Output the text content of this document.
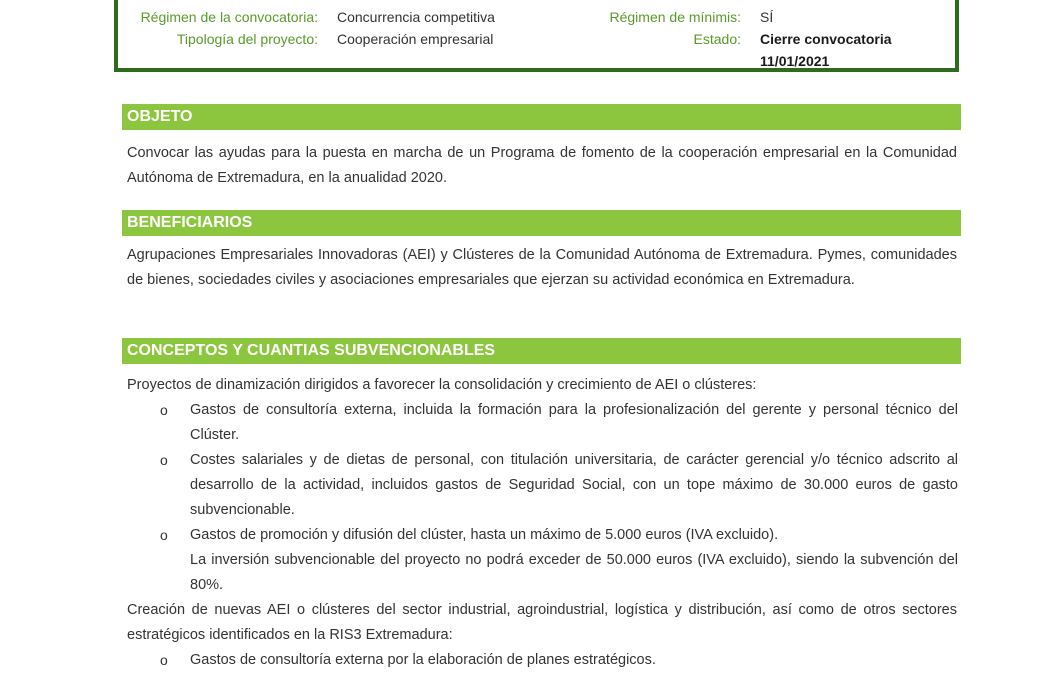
Régimen de la convocatoria: Concurrencia competitiva
Tipología del proyecto: Cooperación empresarial
Régimen de mínimis: SÍ
Estado: Cierre convocatoria
11/01/2021
OBJETO

Convocar las ayudas para la puesta en marcha de un Programa de fomento de la cooperación empresarial en la Comunidad Autónoma de Extremadura, en la anualidad 2020.

BENEFICIARIOS

Agrupaciones Empresariales Innovadoras (AEI) y Clústeres de la Comunidad Autónoma de Extremadura. Pymes, comunidades de bienes, sociedades civiles y asociaciones empresariales que ejerzan su actividad económica en Extremadura.

CONCEPTOS Y CUANTIAS SUBVENCIONABLES

Proyectos de dinamización dirigidos a favorecer la consolidación y crecimiento de AEI o clústeres:

o Gastos de consultoría externa, incluida la formación para la profesionalización del gerente y personal técnico del Clúster.

o Costes salariales y de dietas de personal, con titulación universitaria, de carácter gerencial y/o técnico adscrito al desarrollo de la actividad, incluidos gastos de Seguridad Social, con un tope máximo de 30.000 euros de gasto subvencionable.

o Gastos de promoción y difusión del clúster, hasta un máximo de 5.000 euros (IVA excluido).

La inversión subvencionable del proyecto no podrá exceder de 50.000 euros (IVA excluido), siendo la subvención del 80%.

Creación de nuevas AEI o clústeres del sector industrial, agroindustrial, logística y distribución, así como de otros sectores estratégicos identificados en la RIS3 Extremadura:

o Gastos de consultoría externa por la elaboración de planes estratégicos.
